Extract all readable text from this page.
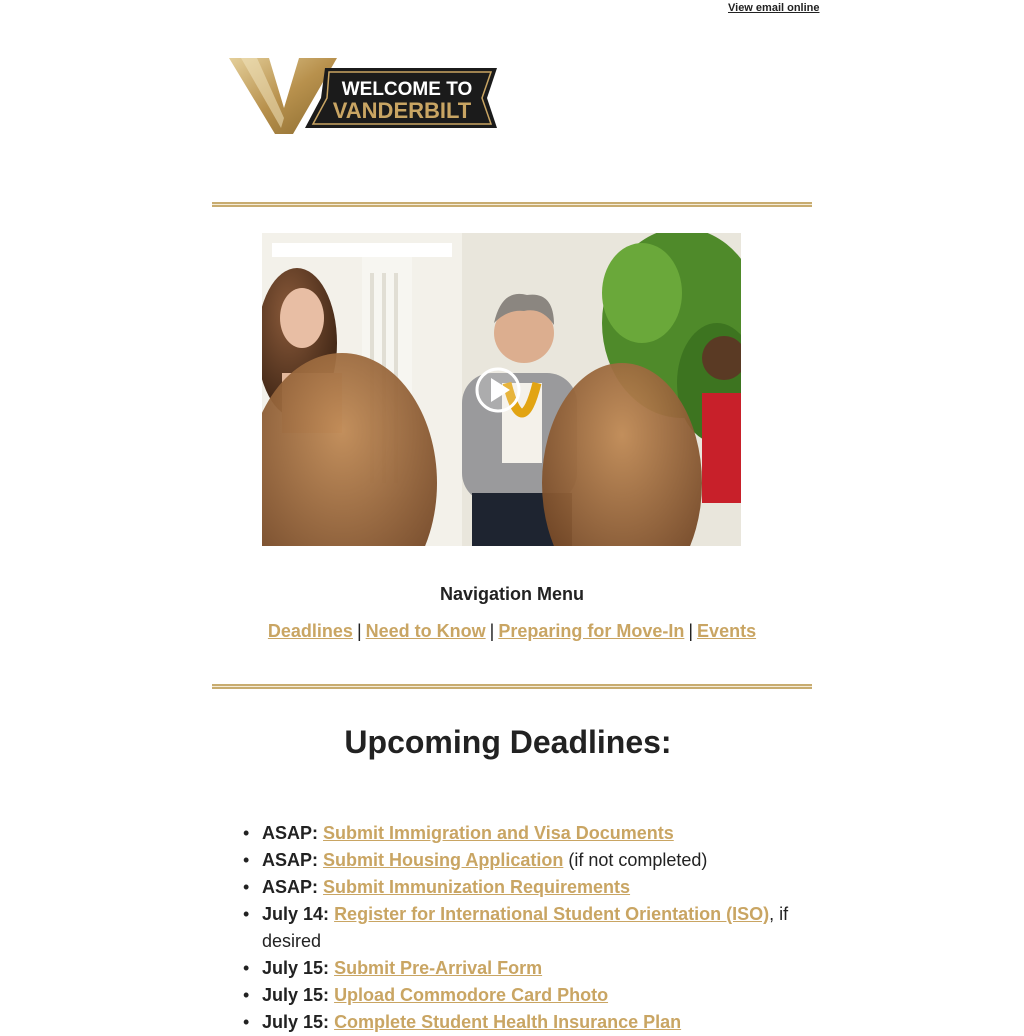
View email online
WELCOME TO
VANDERBILT
Navigation Menu
Deadlines | Need to Know | Preparing for Move-In | Events
Upcoming Deadlines:
• ASAP: Submit Immigration and Visa Documents
• ASAP: Submit Housing Application (if not completed)
• ASAP: Submit Immunization Requirements
• July 14: Register for International Student Orientation (ISO), if desired
• July 15: Submit Pre-Arrival Form
• July 15: Upload Commodore Card Photo
• July 15: Complete Student Health Insurance Plan
